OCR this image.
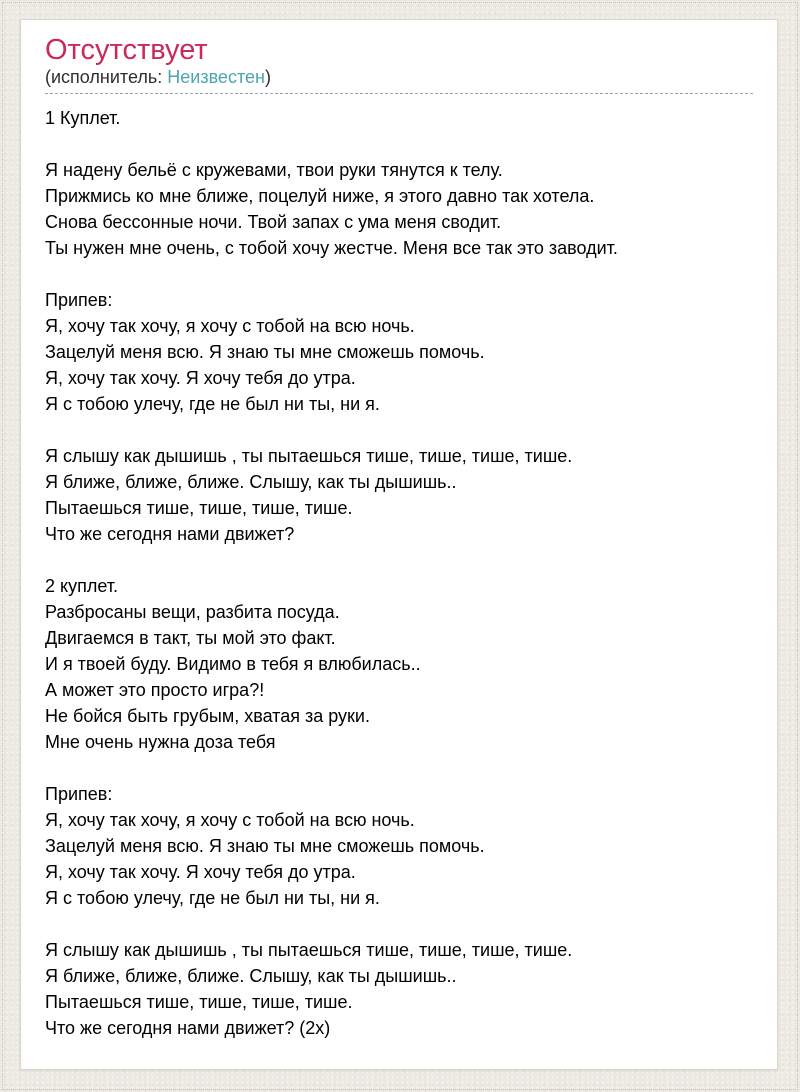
Отсутствует

(исполнитель: Неизвестен)

1 Куплет.

Я надену бельё с кружевами, твои руки тянутся к телу.
Прижмись ко мне ближе, поцелуй ниже, я этого давно так хотела.
Снова бессонные ночи. Твой запах с ума меня сводит.
Ты нужен мне очень, с тобой хочу жестче. Меня все так это заводит.

Припев:
Я, хочу так хочу, я хочу с тобой на всю ночь.
Зацелуй меня всю. Я знаю ты мне сможешь помочь.
Я, хочу так хочу. Я хочу тебя до утра.
Я с тобою улечу, где не был ни ты, ни я.

Я слышу как дышишь , ты пытаешься тише, тише, тише, тише.
Я ближе, ближе, ближе. Слышу, как ты дышишь..
Пытаешься тише, тише, тише, тише.
Что же сегодня нами движет?

2 куплет.
Разбросаны вещи, разбита посуда.
Двигаемся в такт, ты мой это факт.
И я твоей буду. Видимо в тебя я влюбилась..
А может это просто игра?!
Не бойся быть грубым, хватая за руки.
Мне очень нужна доза тебя

Припев:
Я, хочу так хочу, я хочу с тобой на всю ночь.
Зацелуй меня всю. Я знаю ты мне сможешь помочь.
Я, хочу так хочу. Я хочу тебя до утра.
Я с тобою улечу, где не был ни ты, ни я.

Я слышу как дышишь , ты пытаешься тише, тише, тише, тише.
Я ближе, ближе, ближе. Слышу, как ты дышишь..
Пытаешься тише, тише, тише, тише.
Что же сегодня нами движет? (2x)
